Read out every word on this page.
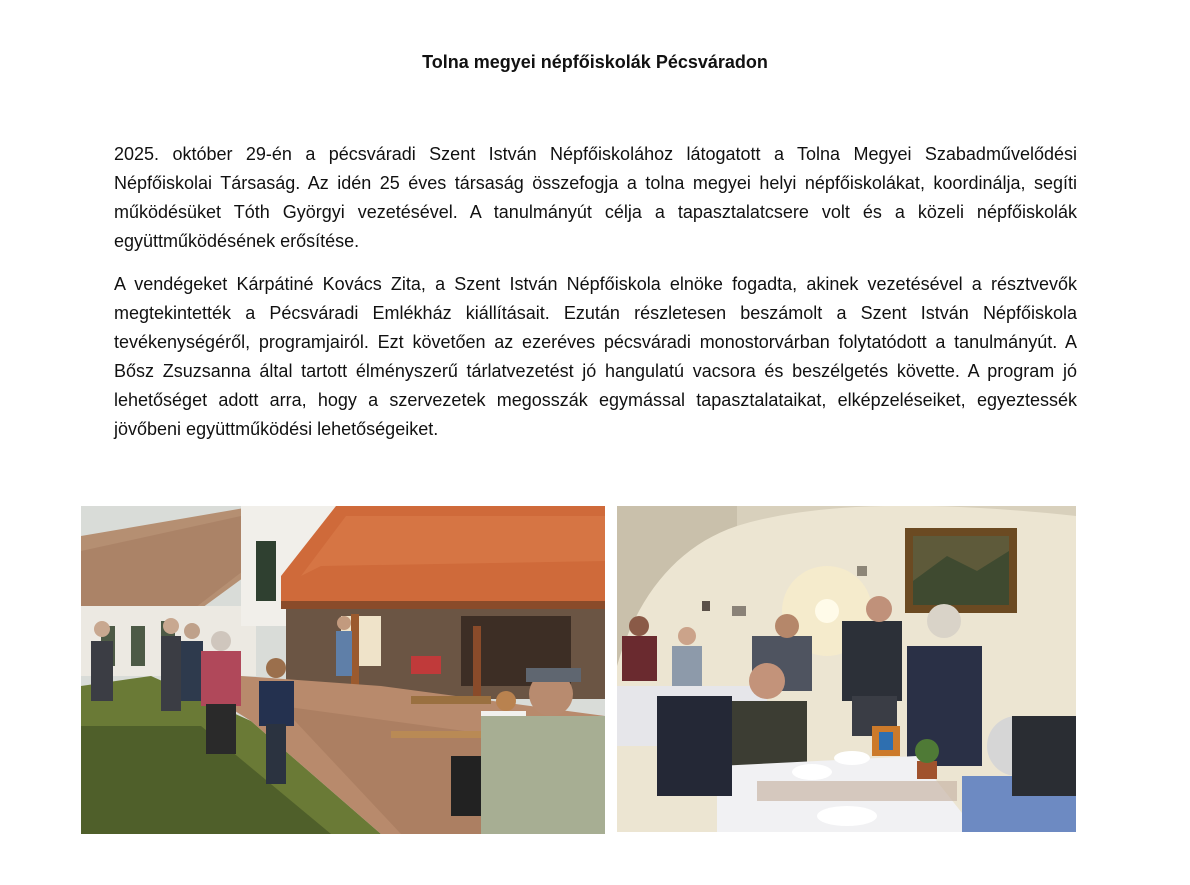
Tolna megyei népfőiskolák Pécsváradon

2025. október 29-én a pécsváradi Szent István Népfőiskolához látogatott a Tolna Megyei Szabadművelődési Népfőiskolai Társaság. Az idén 25 éves társaság összefogja a tolna megyei helyi népfőiskolákat, koordinálja, segíti működésüket Tóth Györgyi vezetésével. A tanulmányút célja a tapasztalatcsere volt és a közeli népfőiskolák együttműködésének erősítése.

A vendégeket Kárpátiné Kovács Zita, a Szent István Népfőiskola elnöke fogadta, akinek vezetésével a résztvevők megtekintették a Pécsváradi Emlékház kiállításait. Ezután részletesen beszámolt a Szent István Népfőiskola tevékenységéről, programjairól. Ezt követően az ezeréves pécsváradi monostorvárban folytatódott a tanulmányút. A Bősz Zsuzsanna által tartott élményszerű tárlatvezetést jó hangulatú vacsora és beszélgetés követte. A program jó lehetőséget adott arra, hogy a szervezetek megosszák egymással tapasztalataikat, elképzeléseiket, egyeztessék jövőbeni együttműködési lehetőségeiket.
